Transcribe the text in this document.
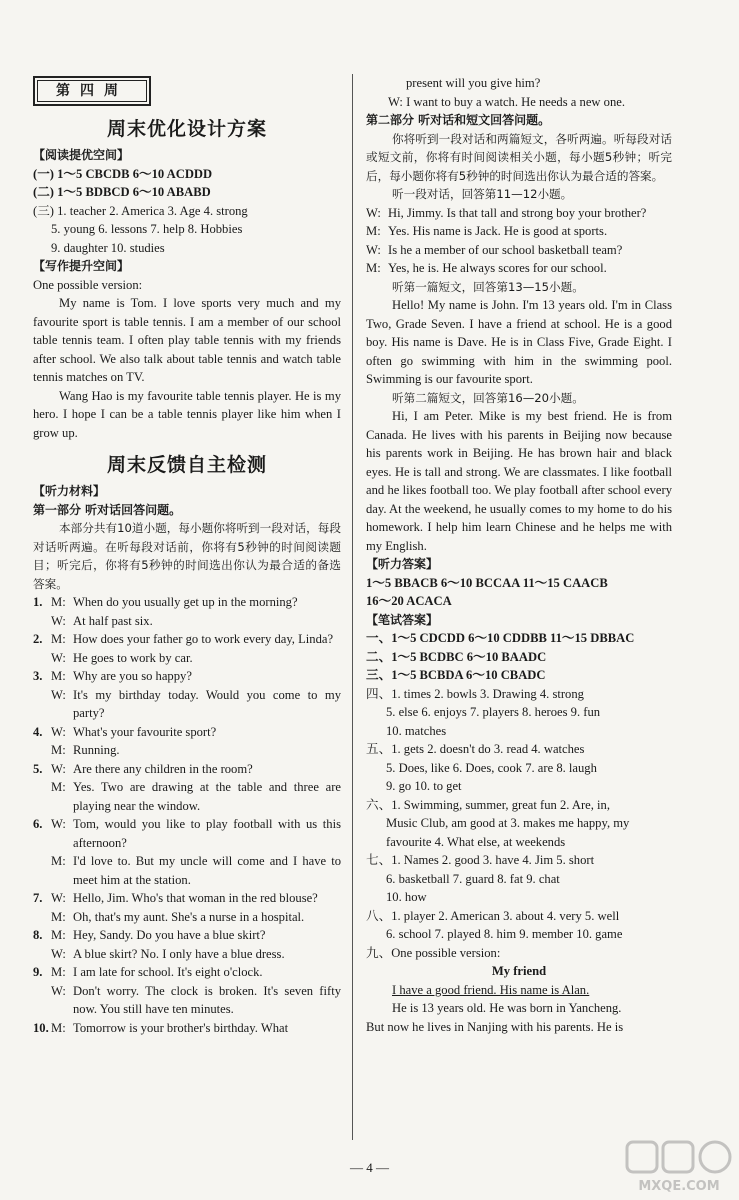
第四周
周末优化设计方案

【阅读提优空间】

(一) 1～5 CBCDB 6～10 ACDDD

(二) 1～5 BDBCD 6～10 ABABD

(三) 1. teacher 2. America 3. Age 4. strong

5. young 6. lessons 7. help 8. Hobbies

9. daughter 10. studies

【写作提升空间】

One possible version:

My name is Tom. I love sports very much and my favourite sport is table tennis. I am a member of our school table tennis team. I often play table tennis with my friends after school. We also talk about table tennis and watch table tennis matches on TV.

Wang Hao is my favourite table tennis player. He is my hero. I hope I can be a table tennis player like him when I grow up.

周末反馈自主检测

【听力材料】

第一部分 听对话回答问题。

本部分共有10道小题，每小题你将听到一段对话，每段对话听两遍。在听每段对话前，你将有5秒钟的时间阅读题目；听完后，你将有5秒钟的时间选出你认为最合适的备选答案。

1. M: When do you usually get up in the morning?
W: At half past six.
2. M: How does your father go to work every day, Linda?
W: He goes to work by car.
3. M: Why are you so happy?
W: It's my birthday today. Would you come to my party?
4. W: What's your favourite sport?
M: Running.
5. W: Are there any children in the room?
M: Yes. Two are drawing at the table and three are playing near the window.
6. W: Tom, would you like to play football with us this afternoon?
M: I'd love to. But my uncle will come and I have to meet him at the station.
7. W: Hello, Jim. Who's that woman in the red blouse?
M: Oh, that's my aunt. She's a nurse in a hospital.
8. M: Hey, Sandy. Do you have a blue skirt?
W: A blue skirt? No. I only have a blue dress.
9. M: I am late for school. It's eight o'clock.
W: Don't worry. The clock is broken. It's seven fifty now. You still have ten minutes.
10. M: Tomorrow is your brother's birthday. What

present will you give him?

W: I want to buy a watch. He needs a new one.

第二部分 听对话和短文回答问题。

你将听到一段对话和两篇短文，各听两遍。听每段对话或短文前，你将有时间阅读相关小题，每小题5秒钟；听完后，每小题你将有5秒钟的时间选出你认为最合适的答案。

听一段对话，回答第11—12小题。

W: Hi, Jimmy. Is that tall and strong boy your brother?
M: Yes. His name is Jack. He is good at sports.
W: Is he a member of our school basketball team?
M: Yes, he is. He always scores for our school.

听第一篇短文，回答第13—15小题。

Hello! My name is John. I'm 13 years old. I'm in Class Two, Grade Seven. I have a friend at school. He is a good boy. His name is Dave. He is in Class Five, Grade Eight. I often go swimming with him in the swimming pool. Swimming is our favourite sport.

听第二篇短文，回答第16—20小题。

Hi, I am Peter. Mike is my best friend. He is from Canada. He lives with his parents in Beijing now because his parents work in Beijing. He has brown hair and black eyes. He is tall and strong. We are classmates. I like football and he likes football too. We play football after school every day. At the weekend, he usually comes to my home to do his homework. I help him learn Chinese and he helps me with my English.

【听力答案】

1～5 BBACB 6～10 BCCAA 11～15 CAACB

16～20 ACACA

【笔试答案】

一、1～5 CDCDD 6～10 CDDBB 11～15 DBBAC

二、1～5 BCDBC 6～10 BAADC

三、1～5 BCBDA 6～10 CBADC

四、1. times 2. bowls 3. Drawing 4. strong

5. else 6. enjoys 7. players 8. heroes 9. fun

10. matches

五、1. gets 2. doesn't do 3. read 4. watches

5. Does, like 6. Does, cook 7. are 8. laugh

9. go 10. to get

六、1. Swimming, summer, great fun 2. Are, in,

Music Club, am good at 3. makes me happy, my

favourite 4. What else, at weekends

七、1. Names 2. good 3. have 4. Jim 5. short

6. basketball 7. guard 8. fat 9. chat

10. how

八、1. player 2. American 3. about 4. very 5. well

6. school 7. played 8. him 9. member 10. game

九、One possible version:

My friend

I have a good friend. His name is Alan.

He is 13 years old. He was born in Yancheng.

But now he lives in Nanjing with his parents. He is

— 4 —
MXQE.COM
